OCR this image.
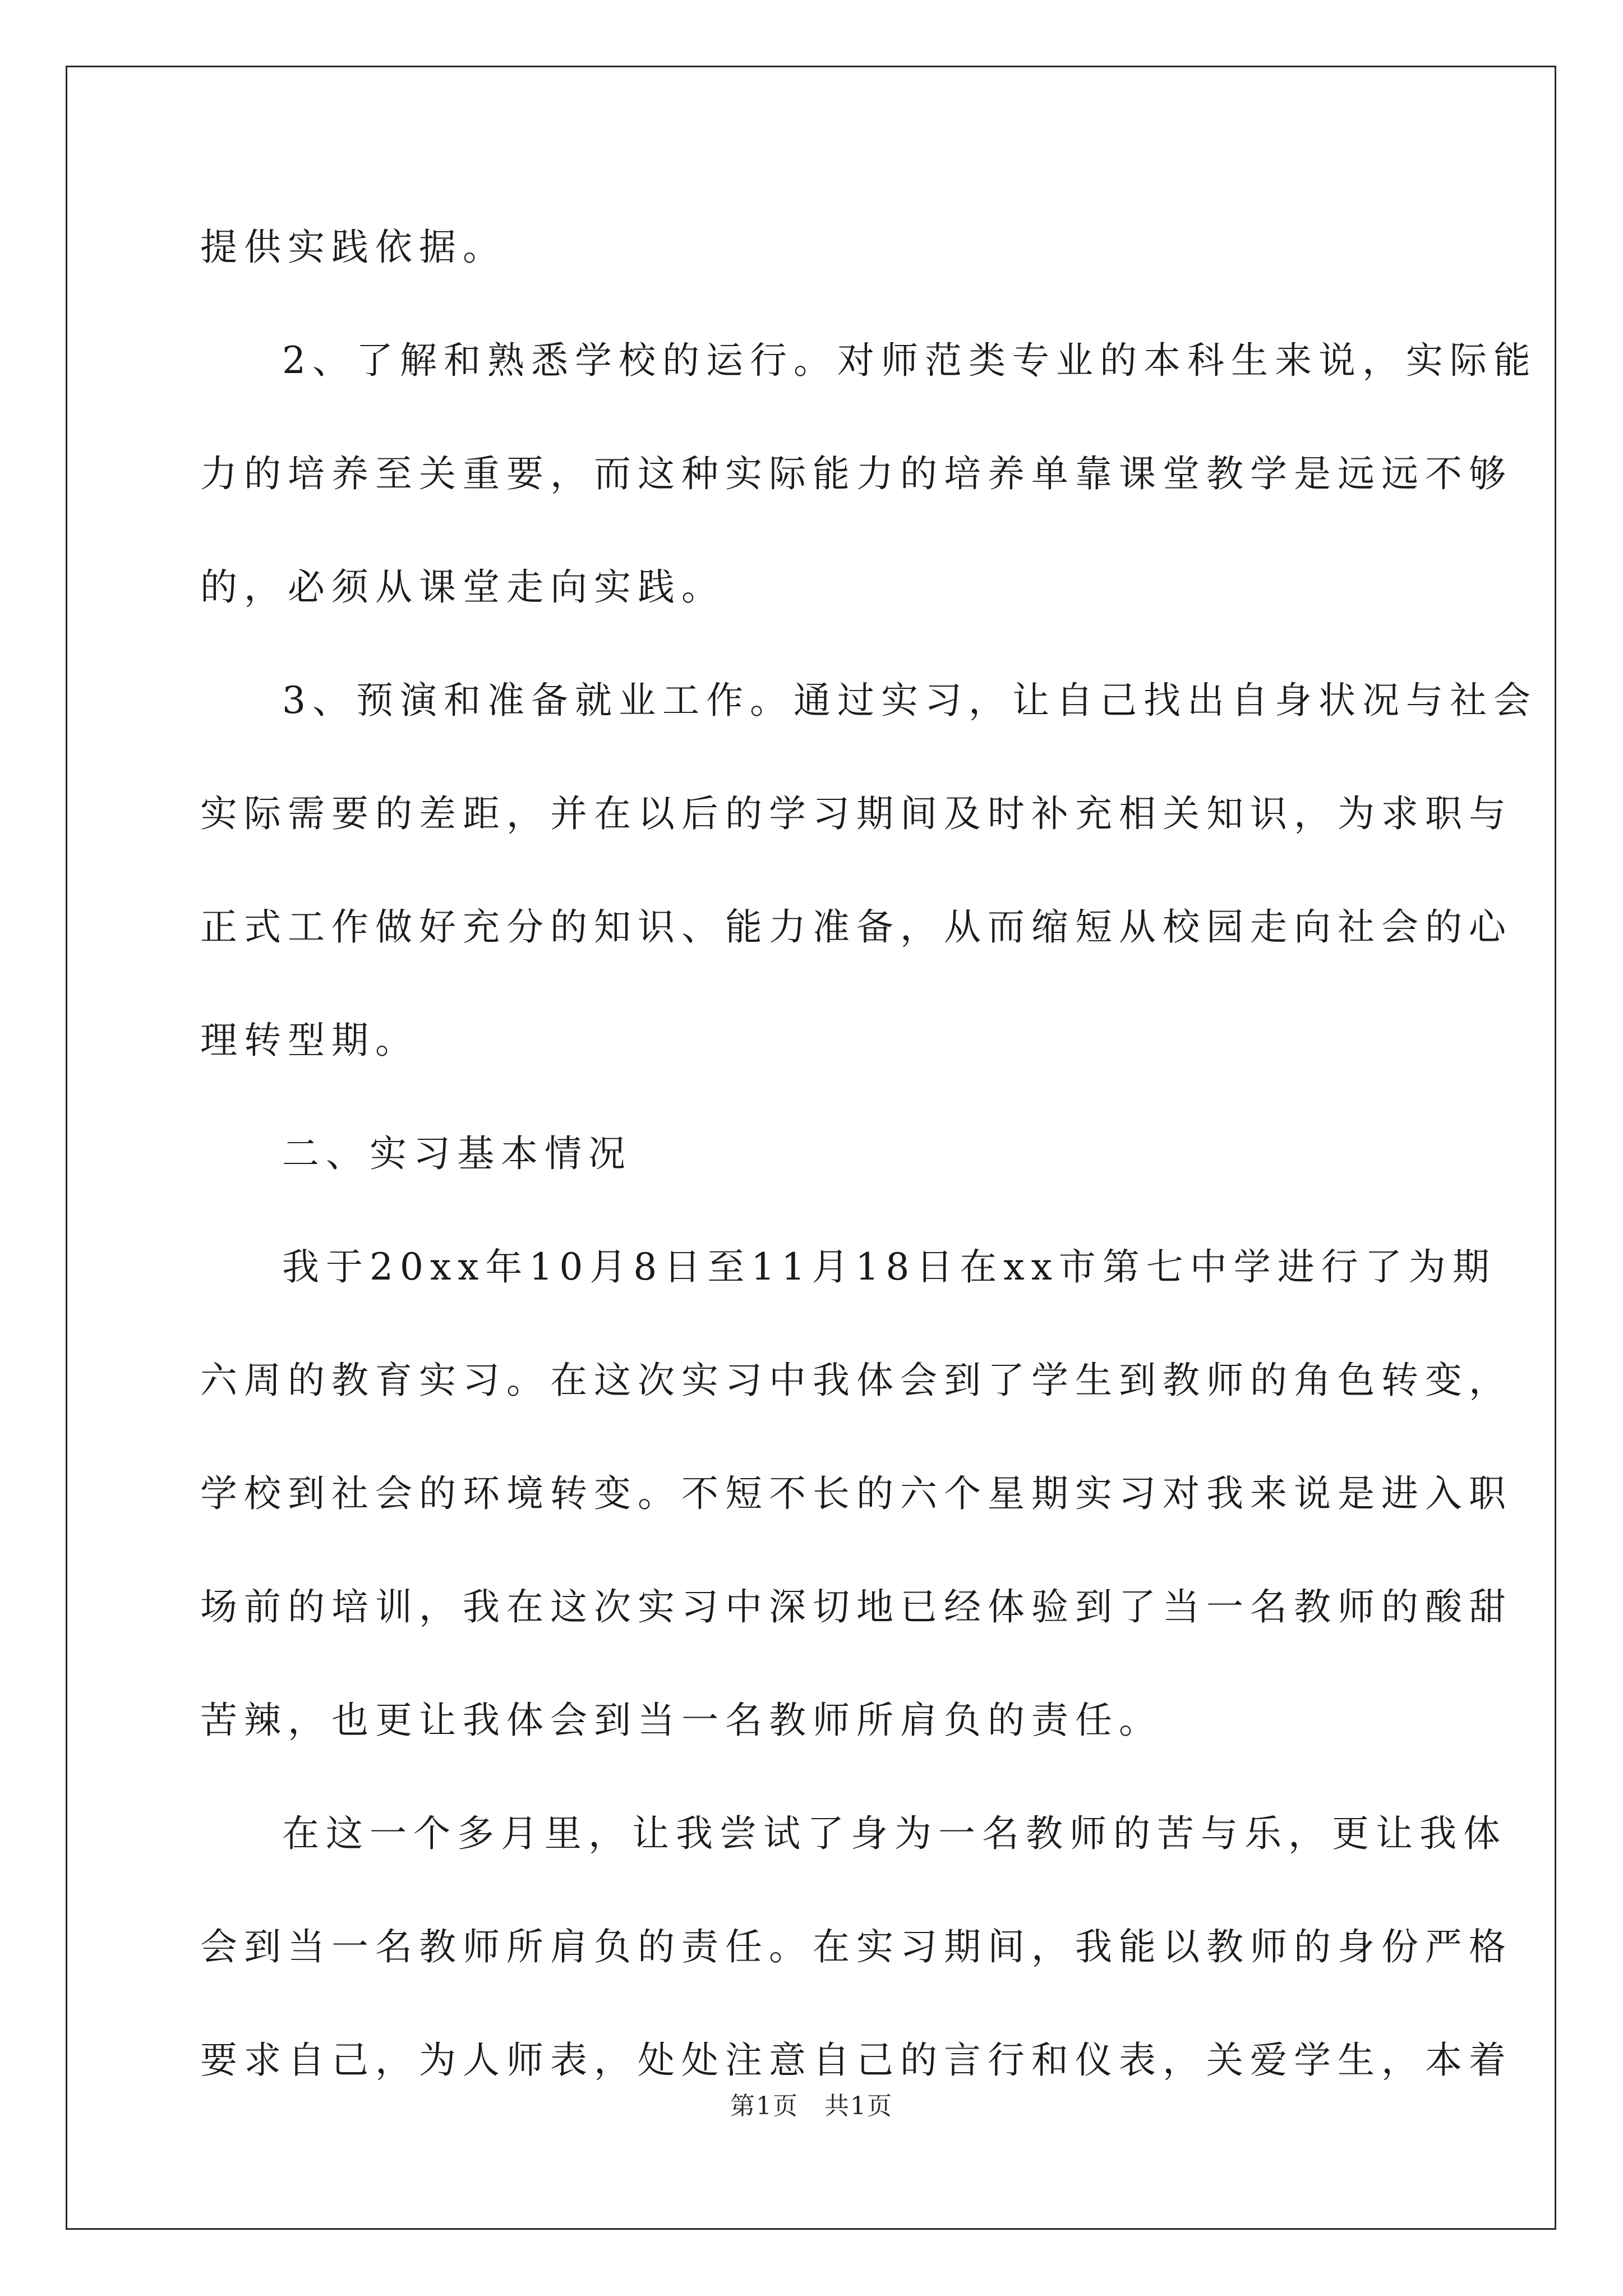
提供实践依据。
2、了解和熟悉学校的运行。对师范类专业的本科生来说，实际能
力的培养至关重要，而这种实际能力的培养单靠课堂教学是远远不够
的，必须从课堂走向实践。
3、预演和准备就业工作。通过实习，让自己找出自身状况与社会
实际需要的差距，并在以后的学习期间及时补充相关知识，为求职与
正式工作做好充分的知识、能力准备，从而缩短从校园走向社会的心
理转型期。
二、实习基本情况
我于20xx年10月8日至11月18日在xx市第七中学进行了为期
六周的教育实习。在这次实习中我体会到了学生到教师的角色转变，
学校到社会的环境转变。不短不长的六个星期实习对我来说是进入职
场前的培训，我在这次实习中深切地已经体验到了当一名教师的酸甜
苦辣，也更让我体会到当一名教师所肩负的责任。
在这一个多月里，让我尝试了身为一名教师的苦与乐，更让我体
会到当一名教师所肩负的责任。在实习期间，我能以教师的身份严格
要求自己，为人师表，处处注意自己的言行和仪表，关爱学生，本着
第1页　共1页
